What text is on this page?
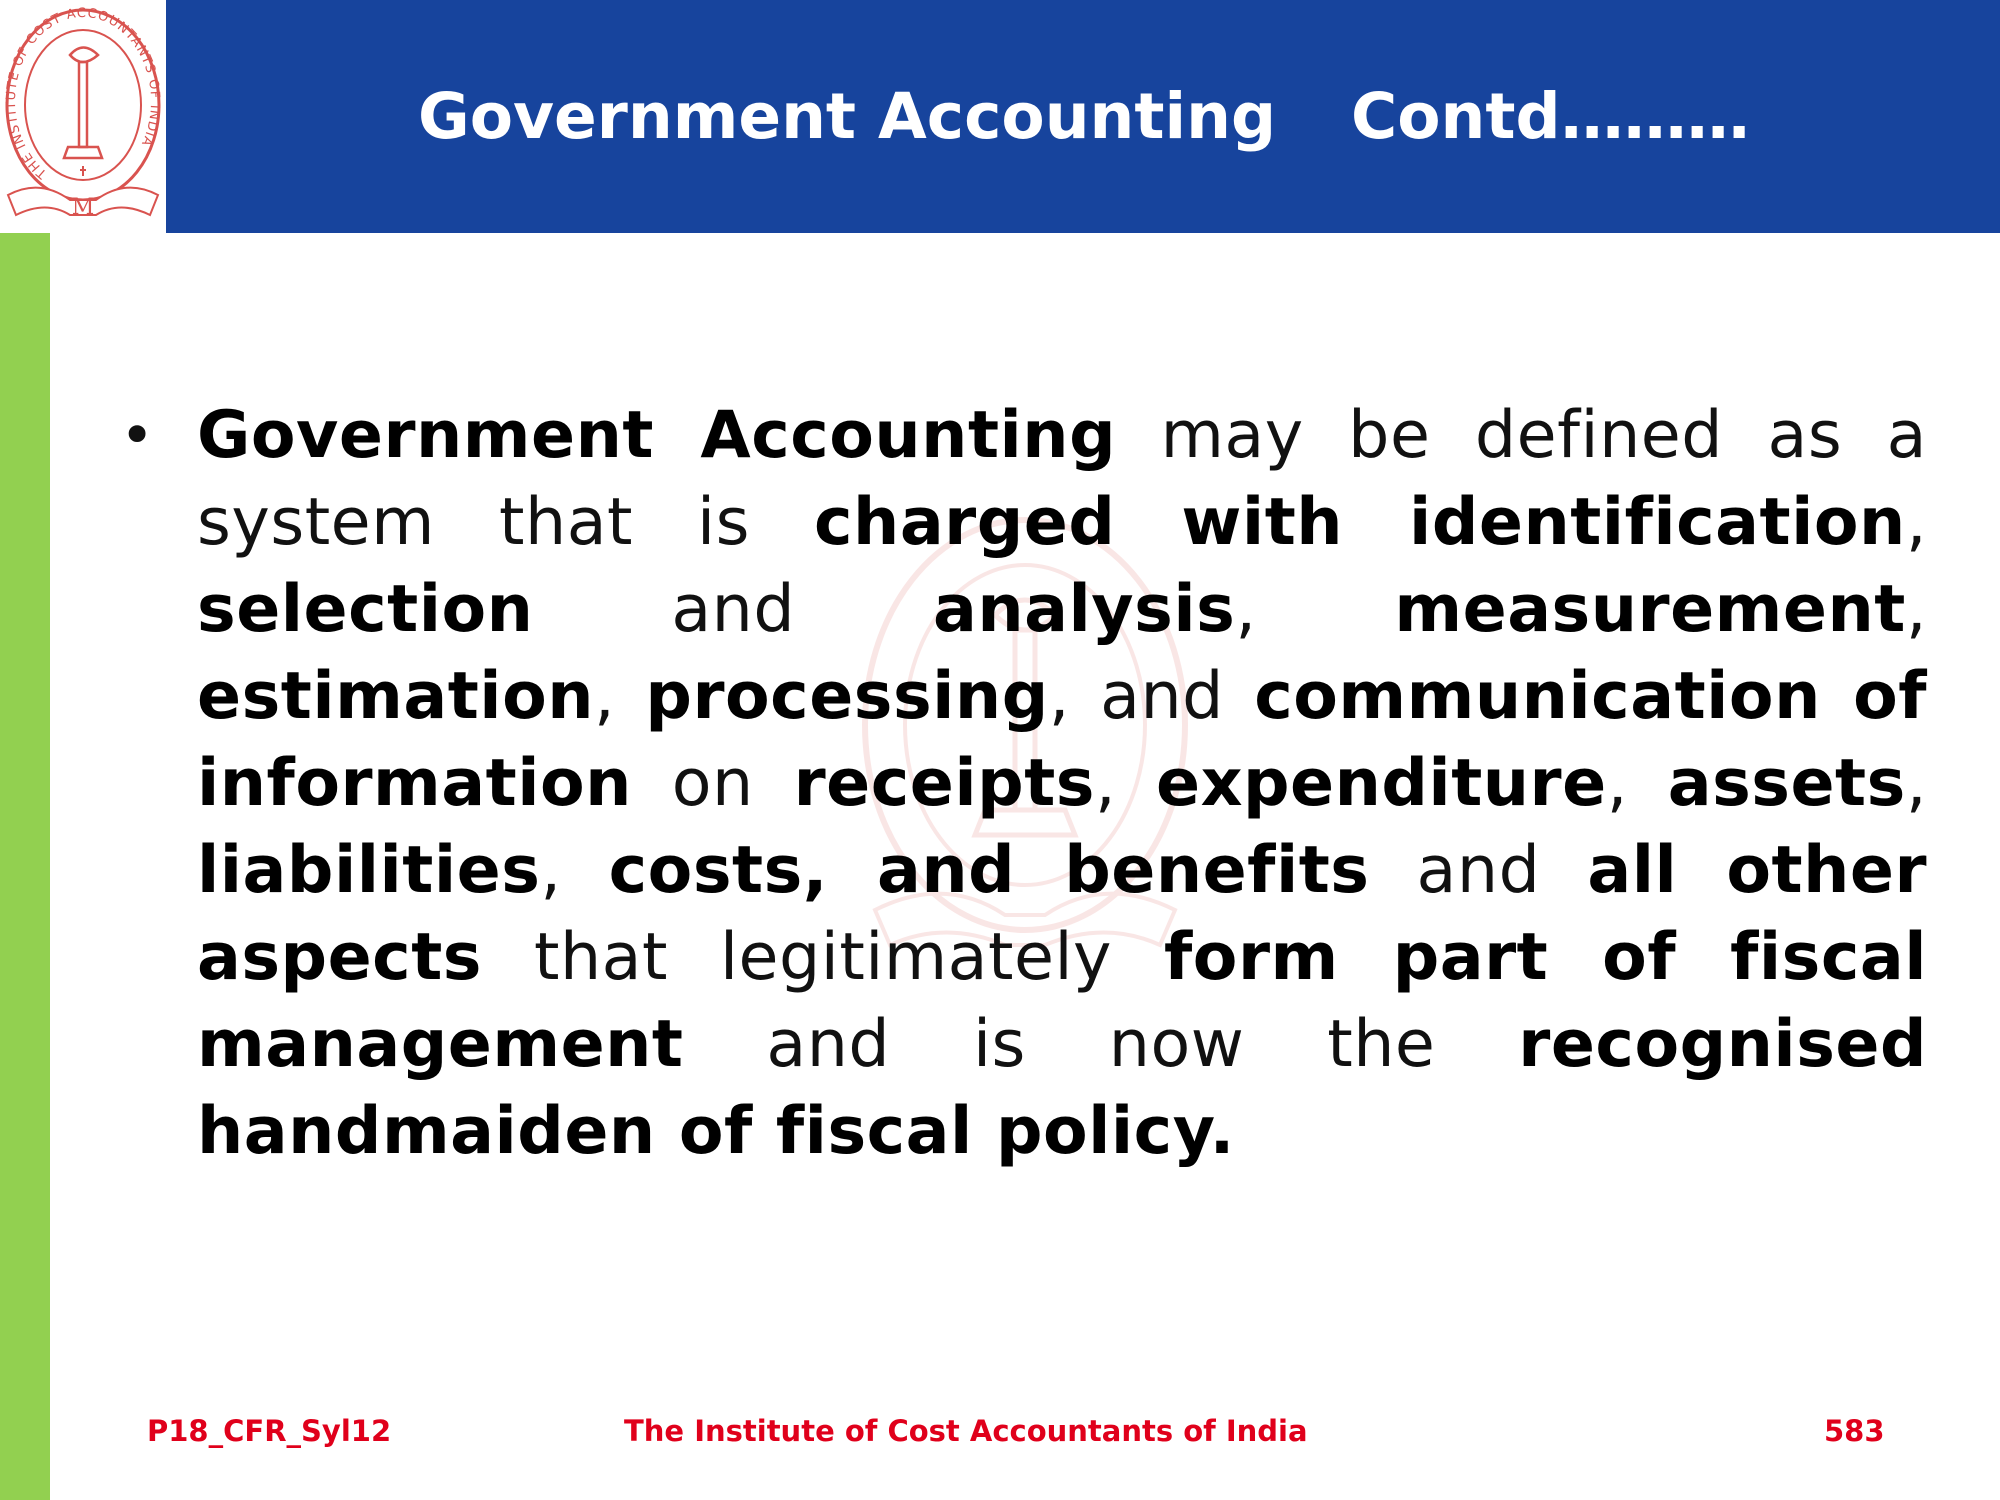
THE INSTITUTE OF COST ACCOUNTANTS OF INDIA
M
Government Accounting Contd………
• Government Accounting may be defined as a system that is charged with identification, selection and analysis, measurement, estimation, processing, and communication of information on receipts, expenditure, assets, liabilities, costs, and benefits and all other aspects that legitimately form part of fiscal management and is now the recognised handmaiden of fiscal policy.
P18_CFR_Syl12	The Institute of Cost Accountants of India	583
